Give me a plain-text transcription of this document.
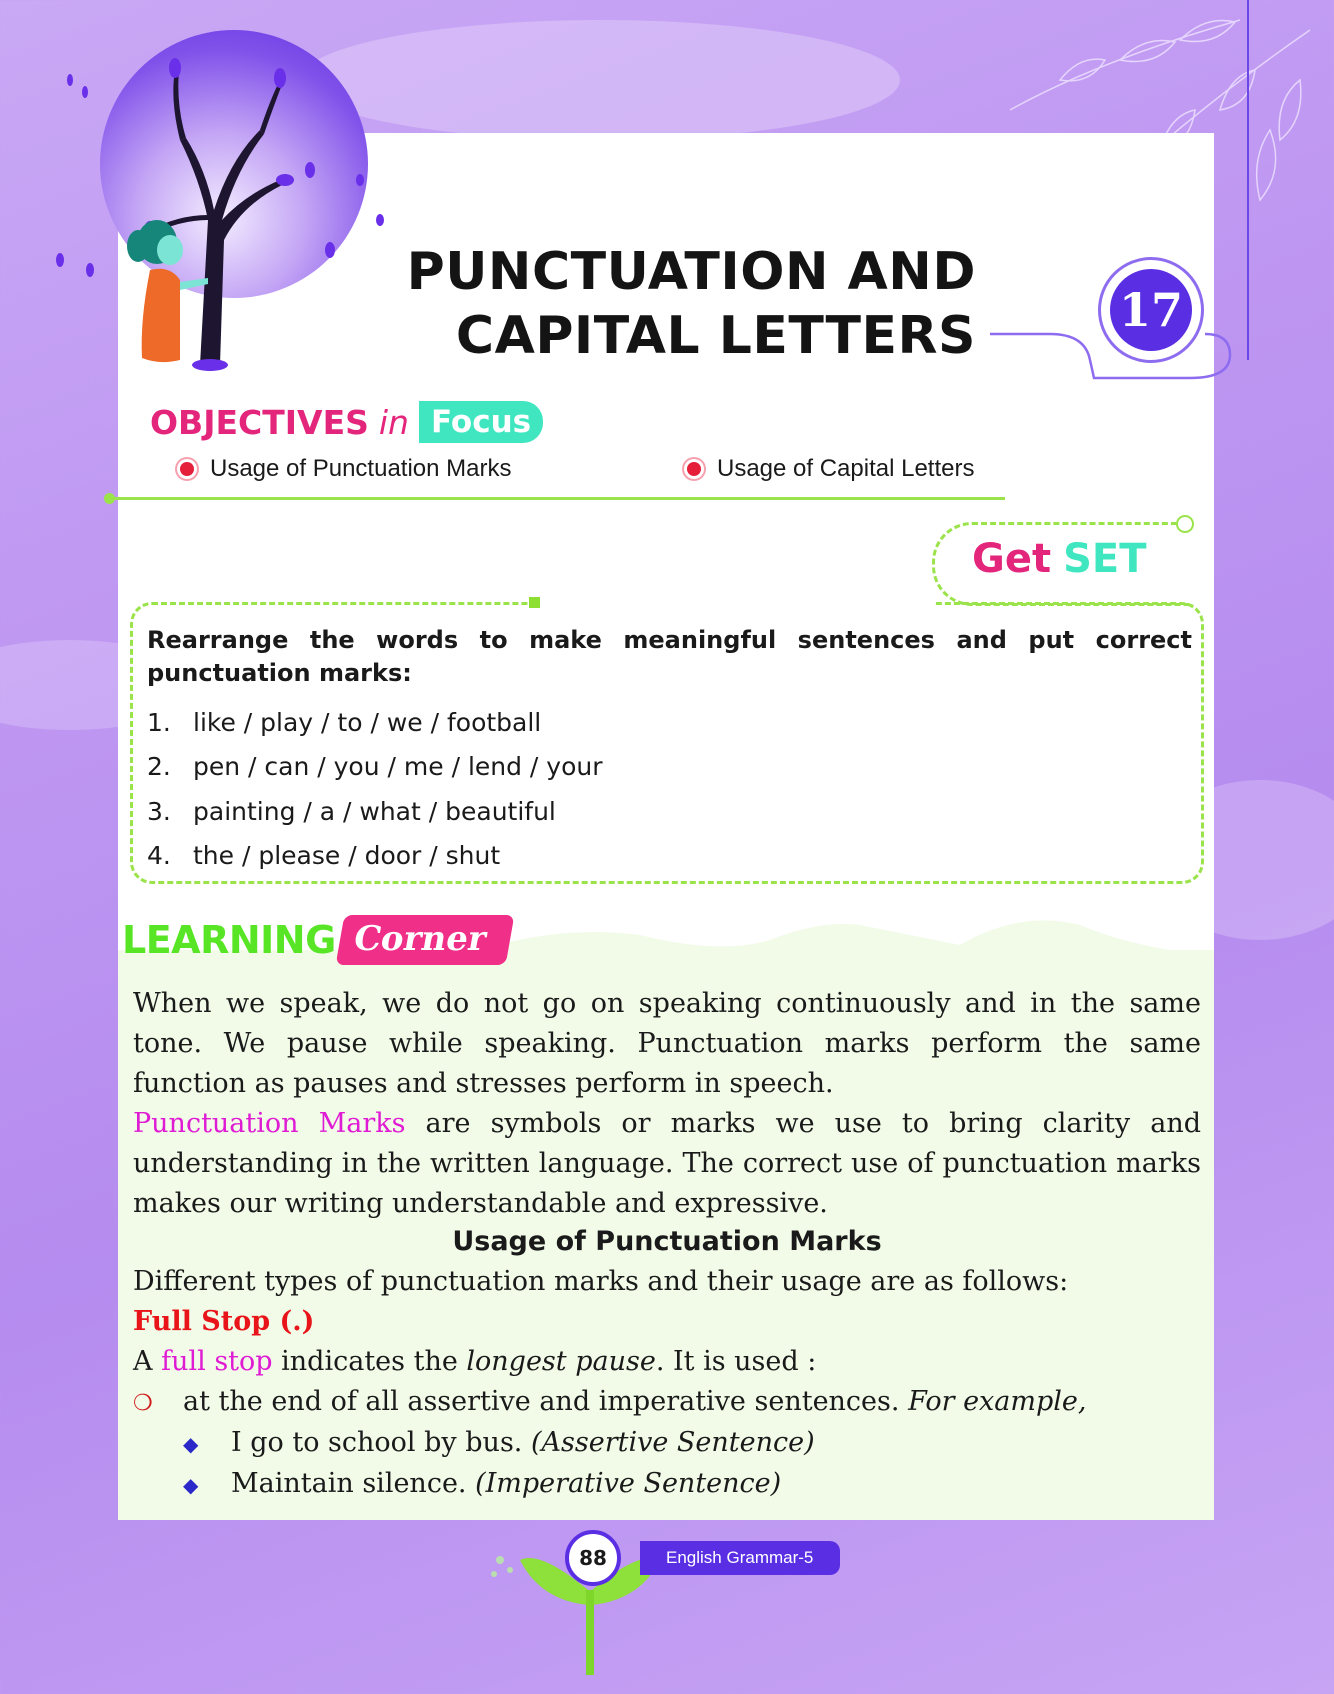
PUNCTUATION AND
CAPITAL LETTERS	17
OBJECTIVES in Focus
Usage of Punctuation Marks	Usage of Capital Letters
Get SET
Rearrange the words to make meaningful sentences and put correct punctuation marks:
1. like / play / to / we / football
2. pen / can / you / me / lend / your
3. painting / a / what / beautiful
4. the / please / door / shut
LEARNING Corner
When we speak, we do not go on speaking continuously and in the same tone. We pause while speaking. Punctuation marks perform the same function as pauses and stresses perform in speech.
Punctuation Marks are symbols or marks we use to bring clarity and understanding in the written language. The correct use of punctuation marks makes our writing understandable and expressive.
Usage of Punctuation Marks
Different types of punctuation marks and their usage are as follows:
Full Stop (.)
A full stop indicates the longest pause. It is used :
❍ at the end of all assertive and imperative sentences. For example,
◆ I go to school by bus. (Assertive Sentence)
◆ Maintain silence. (Imperative Sentence)
88	English Grammar-5
